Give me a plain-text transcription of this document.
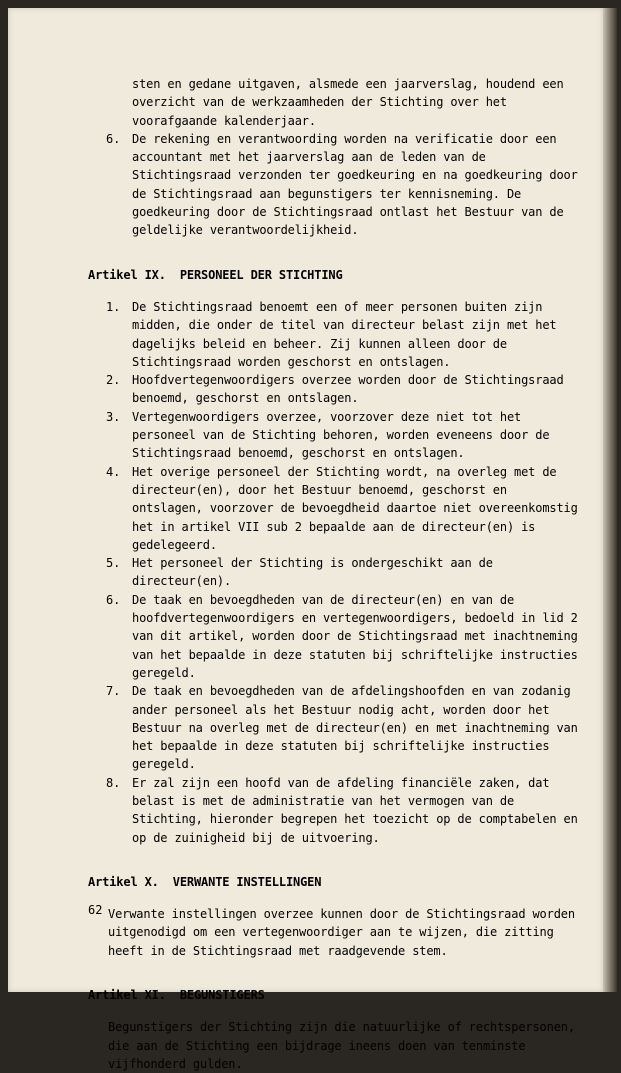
sten en gedane uitgaven, alsmede een jaarverslag, houdend een overzicht van de werkzaamheden der Stichting over het voorafgaande kalenderjaar.

6. De rekening en verantwoording worden na verificatie door een accountant met het jaarverslag aan de leden van de Stichtingsraad verzonden ter goedkeuring en na goedkeuring door de Stichtingsraad aan begunstigers ter kennisneming. De goedkeuring door de Stichtingsraad ontlast het Bestuur van de geldelijke verantwoordelijkheid.
Artikel IX. PERSONEEL DER STICHTING
1. De Stichtingsraad benoemt een of meer personen buiten zijn midden, die onder de titel van directeur belast zijn met het dagelijks beleid en beheer. Zij kunnen alleen door de Stichtingsraad worden geschorst en ontslagen.
2. Hoofdvertegenwoordigers overzee worden door de Stichtingsraad benoemd, geschorst en ontslagen.
3. Vertegenwoordigers overzee, voorzover deze niet tot het personeel van de Stichting behoren, worden eveneens door de Stichtingsraad benoemd, geschorst en ontslagen.
4. Het overige personeel der Stichting wordt, na overleg met de directeur(en), door het Bestuur benoemd, geschorst en ontslagen, voorzover de bevoegdheid daartoe niet overeenkomstig het in artikel VII sub 2 bepaalde aan de directeur(en) is gedelegeerd.
5. Het personeel der Stichting is ondergeschikt aan de directeur(en).
6. De taak en bevoegdheden van de directeur(en) en van de hoofdvertegenwoordigers en vertegenwoordigers, bedoeld in lid 2 van dit artikel, worden door de Stichtingsraad met inachtneming van het bepaalde in deze statuten bij schriftelijke instructies geregeld.
7. De taak en bevoegdheden van de afdelingshoofden en van zodanig ander personeel als het Bestuur nodig acht, worden door het Bestuur na overleg met de directeur(en) en met inachtneming van het bepaalde in deze statuten bij schriftelijke instructies geregeld.
8. Er zal zijn een hoofd van de afdeling financiële zaken, dat belast is met de administratie van het vermogen van de Stichting, hieronder begrepen het toezicht op de comptabelen en op de zuinigheid bij de uitvoering.
Artikel X. VERWANTE INSTELLINGEN

Verwante instellingen overzee kunnen door de Stichtingsraad worden uitgenodigd om een vertegenwoordiger aan te wijzen, die zitting heeft in de Stichtingsraad met raadgevende stem.

Artikel XI. BEGUNSTIGERS

Begunstigers der Stichting zijn die natuurlijke of rechtspersonen, die aan de Stichting een bijdrage ineens doen van tenminste vijfhonderd gulden.

62
